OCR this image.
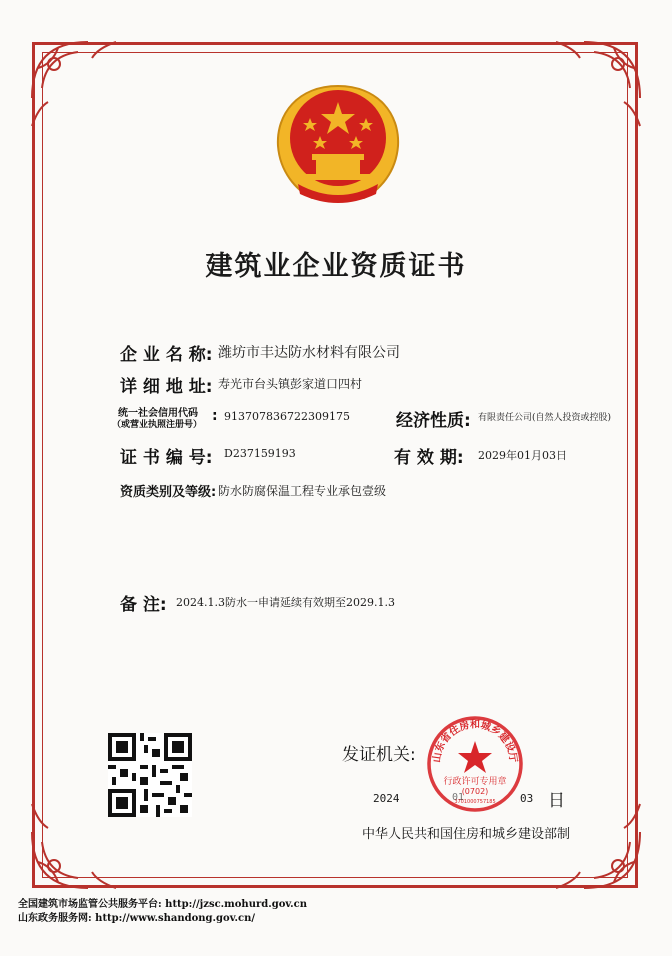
建筑业企业资质证书
企 业 名 称: 潍坊市丰达防水材料有限公司
详 细 地 址: 寿光市台头镇彭家道口四村
统一社会信用代码
（或营业执照注册号）
: 913707836722309175	经济性质: 有限责任公司(自然人投资或控股)
证 书 编 号: D237159193	有 效 期: 2029年01月03日
资质类别及等级: 防水防腐保温工程专业承包壹级
备 注: 2024.1.3防水一申请延续有效期至2029.1.3
发证机关: 山东省住房和城乡建设厅
行政许可专用章
(0702)
3701000757185
2024	01	03 日
中华人民共和国住房和城乡建设部制
全国建筑市场监管公共服务平台: http://jzsc.mohurd.gov.cn
山东政务服务网: http://www.shandong.gov.cn/
